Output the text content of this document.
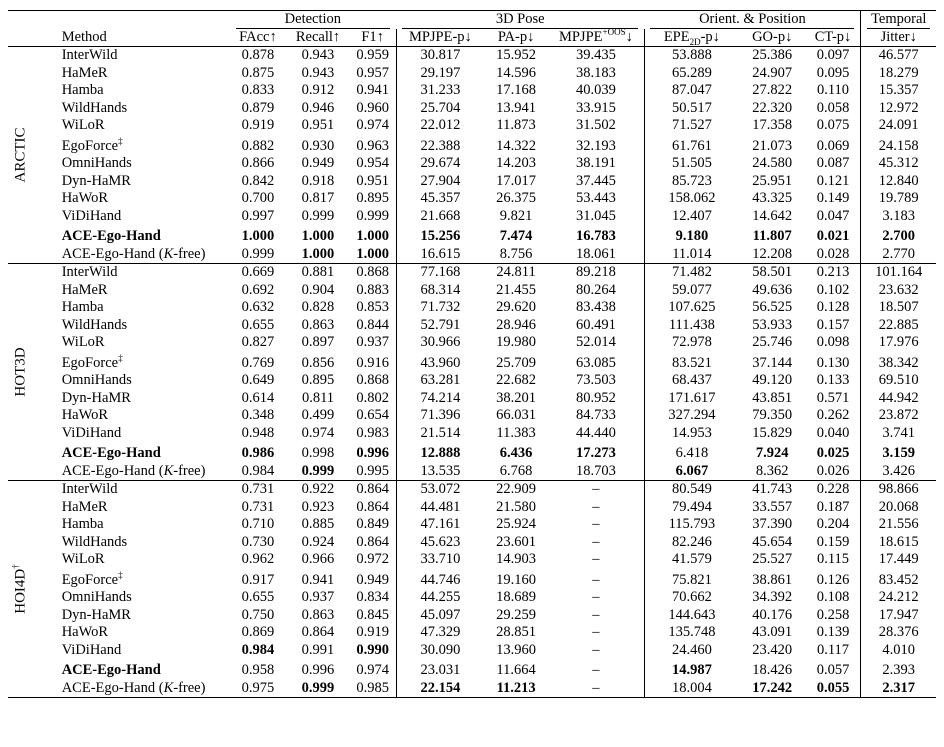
		Detection			3D Pose			Orient. & Position			Temporal

	Method	FAcc↑	Recall↑	F1↑	MPJPE-p↓	PA-p↓	$MPJPE^{+OOS}↓$	$EPE_{2D}-p↓$	GO-p↓	CT-p↓	Jitter↓

ARCTIC	InterWild	0.878	0.943	0.959	30.817	15.952	39.435	53.888	25.386	0.097	46.577
	HaMeR	0.875	0.943	0.957	29.197	14.596	38.183	65.289	24.907	0.095	18.279
	Hamba	0.833	0.912	0.941	31.233	17.168	40.039	87.047	27.822	0.110	15.357
	WildHands	0.879	0.946	0.960	25.704	13.941	33.915	50.517	22.320	0.058	12.972
	WiLoR	0.919	0.951	0.974	22.012	11.873	31.502	71.527	17.358	0.075	24.091
	EgoForce‡	0.882	0.930	0.963	22.388	14.322	32.193	61.761	21.073	0.069	24.158
	OmniHands	0.866	0.949	0.954	29.674	14.203	38.191	51.505	24.580	0.087	45.312
	Dyn-HaMR	0.842	0.918	0.951	27.904	17.017	37.445	85.723	25.951	0.121	12.840
	HaWoR	0.700	0.817	0.895	45.357	26.375	53.443	158.062	43.325	0.149	19.789
	ViDiHand	0.997	0.999	0.999	21.668	9.821	31.045	12.407	14.642	0.047	3.183
	ACE-Ego-Hand	1.000	1.000	1.000	15.256	7.474	16.783	9.180	11.807	0.021	2.700
	ACE-Ego-Hand (K-free)	0.999	1.000	1.000	16.615	8.756	18.061	11.014	12.208	0.028	2.770

HOT3D	InterWild	0.669	0.881	0.868	77.168	24.811	89.218	71.482	58.501	0.213	101.164
	HaMeR	0.692	0.904	0.883	68.314	21.455	80.264	59.077	49.636	0.102	23.632
	Hamba	0.632	0.828	0.853	71.732	29.620	83.438	107.625	56.525	0.128	18.507
	WildHands	0.655	0.863	0.844	52.791	28.946	60.491	111.438	53.933	0.157	22.885
	WiLoR	0.827	0.897	0.937	30.966	19.980	52.014	72.978	25.746	0.098	17.976
	EgoForce‡	0.769	0.856	0.916	43.960	25.709	63.085	83.521	37.144	0.130	38.342
	OmniHands	0.649	0.895	0.868	63.281	22.682	73.503	68.437	49.120	0.133	69.510
	Dyn-HaMR	0.614	0.811	0.802	74.214	38.201	80.952	171.617	43.851	0.571	44.942
	HaWoR	0.348	0.499	0.654	71.396	66.031	84.733	327.294	79.350	0.262	23.872
	ViDiHand	0.948	0.974	0.983	21.514	11.383	44.440	14.953	15.829	0.040	3.741
	ACE-Ego-Hand	0.986	0.998	0.996	12.888	6.436	17.273	6.418	7.924	0.025	3.159
	ACE-Ego-Hand (K-free)	0.984	0.999	0.995	13.535	6.768	18.703	6.067	8.362	0.026	3.426

HOI4D†	InterWild	0.731	0.922	0.864	53.072	22.909	–	80.549	41.743	0.228	98.866
	HaMeR	0.731	0.923	0.864	44.481	21.580	–	79.494	33.557	0.187	20.068
	Hamba	0.710	0.885	0.849	47.161	25.924	–	115.793	37.390	0.204	21.556
	WildHands	0.730	0.924	0.864	45.623	23.601	–	82.246	45.654	0.159	18.615
	WiLoR	0.962	0.966	0.972	33.710	14.903	–	41.579	25.527	0.115	17.449
	EgoForce‡	0.917	0.941	0.949	44.746	19.160	–	75.821	38.861	0.126	83.452
	OmniHands	0.655	0.937	0.834	44.255	18.689	–	70.662	34.392	0.108	24.212
	Dyn-HaMR	0.750	0.863	0.845	45.097	29.259	–	144.643	40.176	0.258	17.947
	HaWoR	0.869	0.864	0.919	47.329	28.851	–	135.748	43.091	0.139	28.376
	ViDiHand	0.984	0.991	0.990	30.090	13.960	–	24.460	23.420	0.117	4.010
	ACE-Ego-Hand	0.958	0.996	0.974	23.031	11.664	–	14.987	18.426	0.057	2.393
	ACE-Ego-Hand (K-free)	0.975	0.999	0.985	22.154	11.213	–	18.004	17.242	0.055	2.317
